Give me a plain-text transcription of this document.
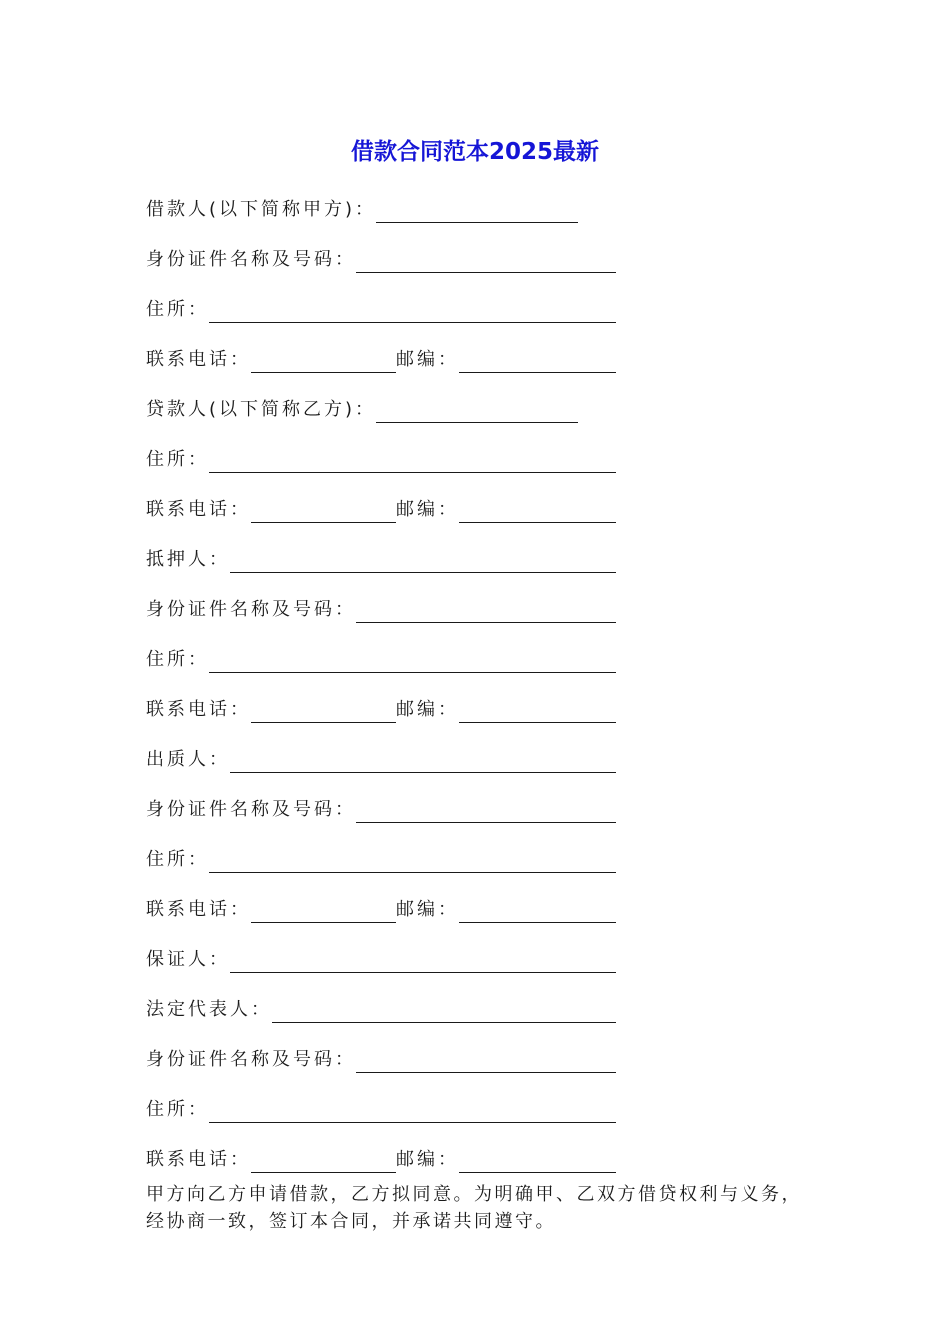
借款合同范本2025最新
借款人(以下简称甲方)：
身份证件名称及号码：
住所：
联系电话：	邮编：
贷款人(以下简称乙方)：
住所：
联系电话：	邮编：
抵押人：
身份证件名称及号码：
住所：
联系电话：	邮编：
出质人：
身份证件名称及号码：
住所：
联系电话：	邮编：
保证人：
法定代表人：
身份证件名称及号码：
住所：
联系电话：	邮编：

甲方向乙方申请借款，乙方拟同意。为明确甲、乙双方借贷权利与义务，经协商一致，签订本合同，并承诺共同遵守。
